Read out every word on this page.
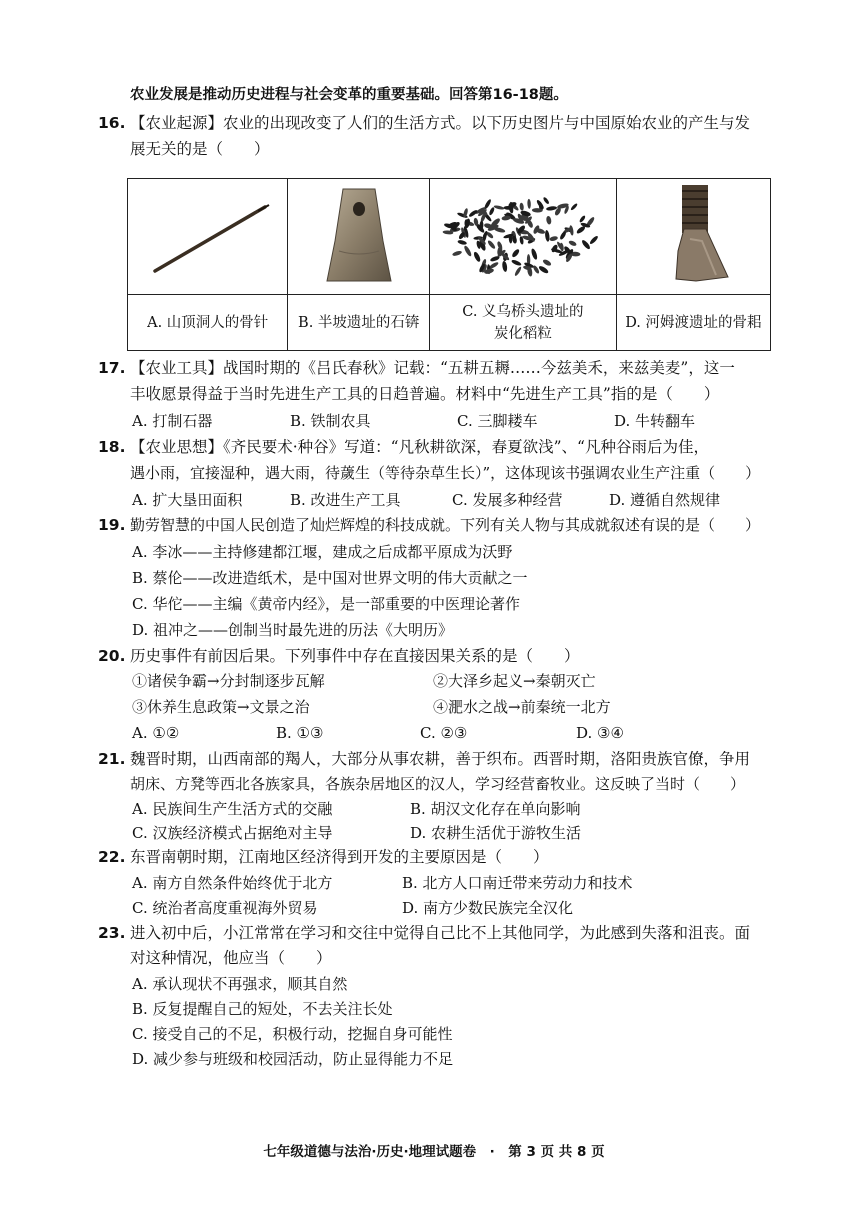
农业发展是推动历史进程与社会变革的重要基础。回答第16-18题。
16. 【农业起源】农业的出现改变了人们的生活方式。以下历史图片与中国原始农业的产生与发
展无关的是（　　）

A. 山顶洞人的骨针	B. 半坡遗址的石锛	C. 义乌桥头遗址的
炭化稻粒	D. 河姆渡遗址的骨耜
17. 【农业工具】战国时期的《吕氏春秋》记载：“五耕五耨……今兹美禾，来兹美麦”，这一
丰收愿景得益于当时先进生产工具的日趋普遍。材料中“先进生产工具”指的是（　　）
A. 打制石器	B. 铁制农具	C. 三脚耧车	D. 牛转翻车
18. 【农业思想】《齐民要术·种谷》写道：“凡秋耕欲深，春夏欲浅”、“凡种谷雨后为佳，
遇小雨，宜接湿种，遇大雨，待薉生（等待杂草生长）”，这体现该书强调农业生产注重（　　）
A. 扩大垦田面积	B. 改进生产工具	C. 发展多种经营	D. 遵循自然规律
19. 勤劳智慧的中国人民创造了灿烂辉煌的科技成就。下列有关人物与其成就叙述有误的是（　　）
A. 李冰——主持修建都江堰，建成之后成都平原成为沃野
B. 蔡伦——改进造纸术，是中国对世界文明的伟大贡献之一
C. 华佗——主编《黄帝内经》，是一部重要的中医理论著作
D. 祖冲之——创制当时最先进的历法《大明历》
20. 历史事件有前因后果。下列事件中存在直接因果关系的是（　　）
①诸侯争霸→分封制逐步瓦解	②大泽乡起义→秦朝灭亡
③休养生息政策→文景之治	④淝水之战→前秦统一北方
A. ①②	B. ①③	C. ②③	D. ③④
21. 魏晋时期，山西南部的羯人，大部分从事农耕，善于织布。西晋时期，洛阳贵族官僚，争用
胡床、方凳等西北各族家具，各族杂居地区的汉人，学习经营畜牧业。这反映了当时（　　）
A. 民族间生产生活方式的交融	B. 胡汉文化存在单向影响
C. 汉族经济模式占据绝对主导	D. 农耕生活优于游牧生活
22. 东晋南朝时期，江南地区经济得到开发的主要原因是（　　）
A. 南方自然条件始终优于北方	B. 北方人口南迁带来劳动力和技术
C. 统治者高度重视海外贸易	D. 南方少数民族完全汉化
23. 进入初中后，小江常常在学习和交往中觉得自己比不上其他同学，为此感到失落和沮丧。面
对这种情况，他应当（　　）
A. 承认现状不再强求，顺其自然
B. 反复提醒自己的短处，不去关注长处
C. 接受自己的不足，积极行动，挖掘自身可能性
D. 减少参与班级和校园活动，防止显得能力不足
七年级道德与法治·历史·地理试题卷　·　第 3 页 共 8 页
